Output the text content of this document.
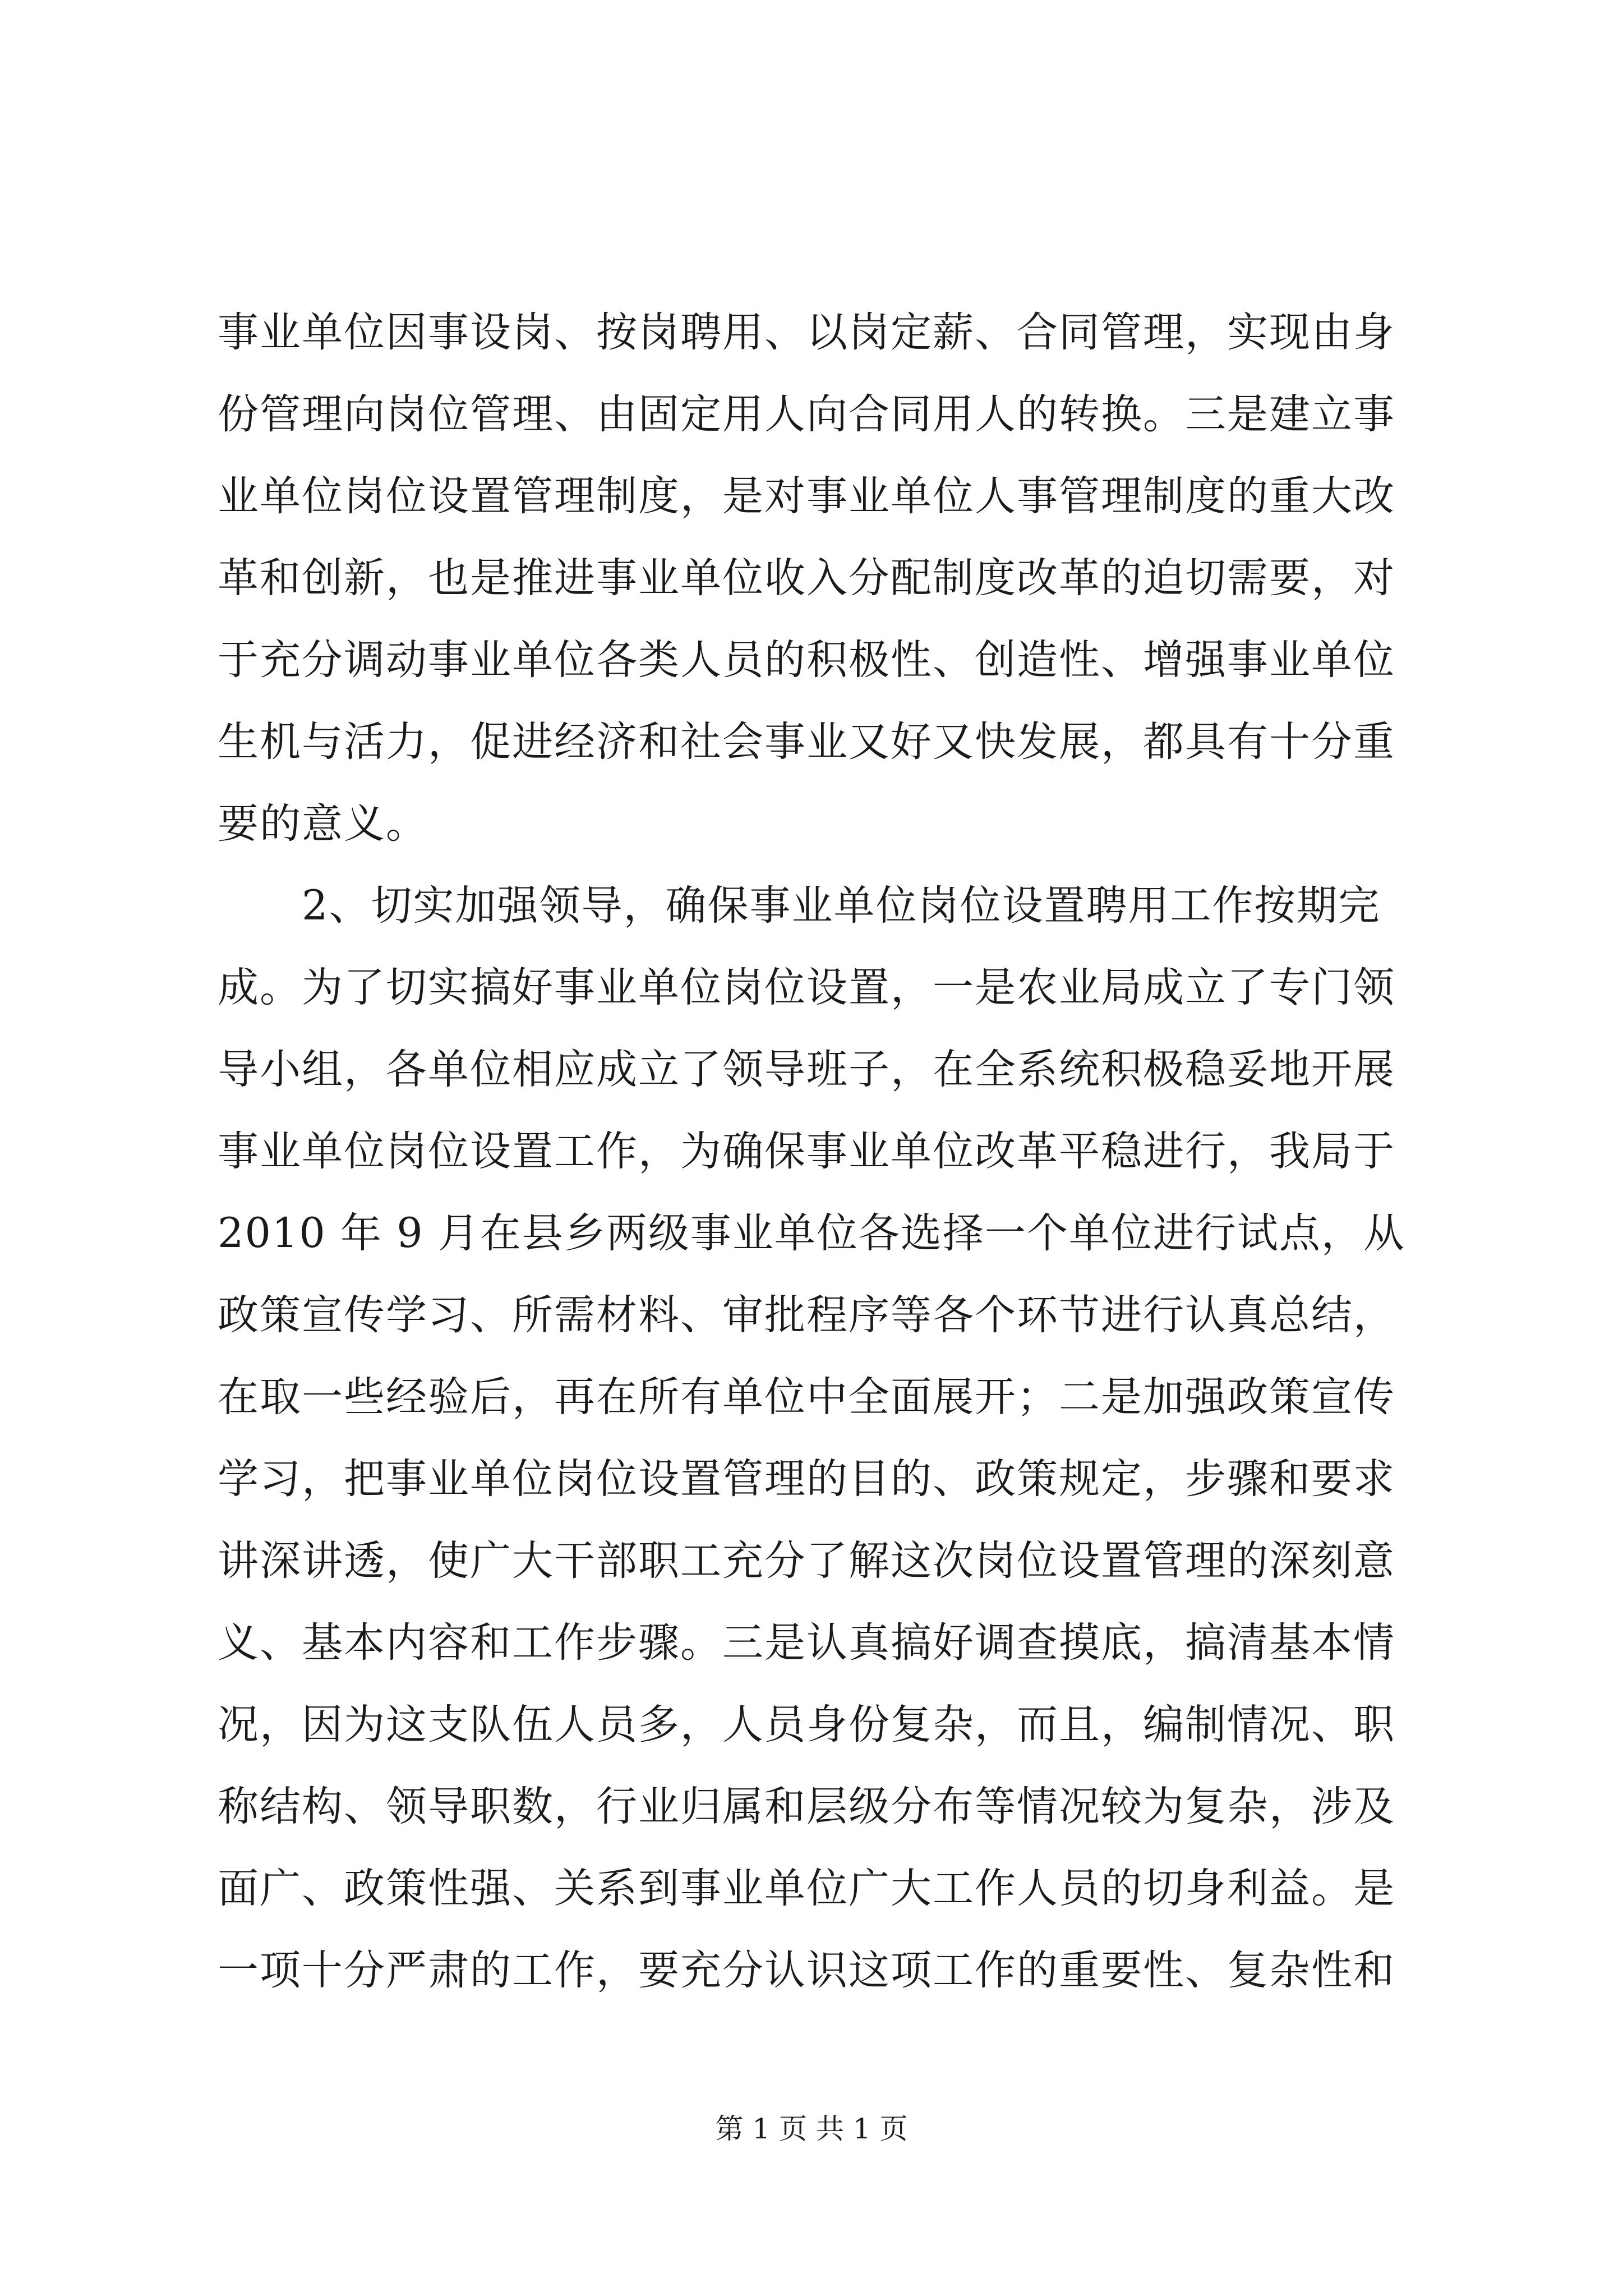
事业单位因事设岗、按岗聘用、以岗定薪、合同管理，实现由身
份管理向岗位管理、由固定用人向合同用人的转换。三是建立事
业单位岗位设置管理制度，是对事业单位人事管理制度的重大改
革和创新，也是推进事业单位收入分配制度改革的迫切需要，对
于充分调动事业单位各类人员的积极性、创造性、增强事业单位
生机与活力，促进经济和社会事业又好又快发展，都具有十分重
要的意义。
　　2、切实加强领导，确保事业单位岗位设置聘用工作按期完
成。为了切实搞好事业单位岗位设置，一是农业局成立了专门领
导小组，各单位相应成立了领导班子，在全系统积极稳妥地开展
事业单位岗位设置工作，为确保事业单位改革平稳进行，我局于
2010 年 9 月在县乡两级事业单位各选择一个单位进行试点，从
政策宣传学习、所需材料、审批程序等各个环节进行认真总结，
在取一些经验后，再在所有单位中全面展开；二是加强政策宣传
学习，把事业单位岗位设置管理的目的、政策规定，步骤和要求
讲深讲透，使广大干部职工充分了解这次岗位设置管理的深刻意
义、基本内容和工作步骤。三是认真搞好调查摸底，搞清基本情
况，因为这支队伍人员多，人员身份复杂，而且，编制情况、职
称结构、领导职数，行业归属和层级分布等情况较为复杂，涉及
面广、政策性强、关系到事业单位广大工作人员的切身利益。是
一项十分严肃的工作，要充分认识这项工作的重要性、复杂性和
第 1 页 共 1 页
